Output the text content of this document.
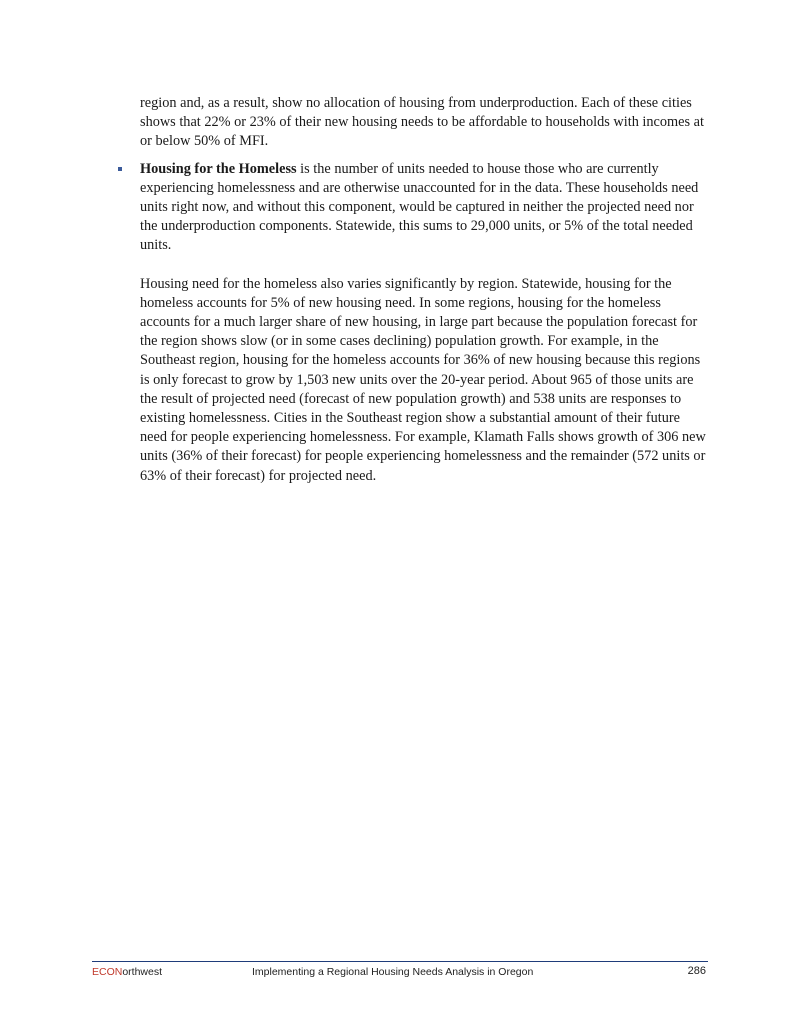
region and, as a result, show no allocation of housing from underproduction. Each of these cities shows that 22% or 23% of their new housing needs to be affordable to households with incomes at or below 50% of MFI.

Housing for the Homeless is the number of units needed to house those who are currently experiencing homelessness and are otherwise unaccounted for in the data. These households need units right now, and without this component, would be captured in neither the projected need nor the underproduction components. Statewide, this sums to 29,000 units, or 5% of the total needed units.

Housing need for the homeless also varies significantly by region. Statewide, housing for the homeless accounts for 5% of new housing need. In some regions, housing for the homeless accounts for a much larger share of new housing, in large part because the population forecast for the region shows slow (or in some cases declining) population growth. For example, in the Southeast region, housing for the homeless accounts for 36% of new housing because this regions is only forecast to grow by 1,503 new units over the 20-year period. About 965 of those units are the result of projected need (forecast of new population growth) and 538 units are responses to existing homelessness. Cities in the Southeast region show a substantial amount of their future need for people experiencing homelessness. For example, Klamath Falls shows growth of 306 new units (36% of their forecast) for people experiencing homelessness and the remainder (572 units or 63% of their forecast) for projected need.

ECONorthwest	Implementing a Regional Housing Needs Analysis in Oregon	286
